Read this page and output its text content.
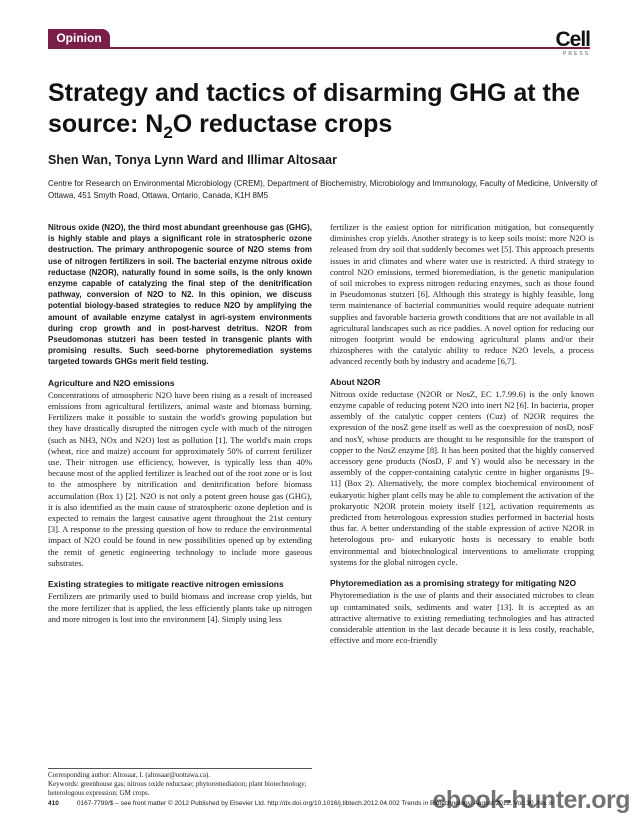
Opinion	Cell
PRESS
Strategy and tactics of disarming GHG at the source: $N_2O$ reductase crops
Shen Wan, Tonya Lynn Ward and Illimar Altosaar
Centre for Research on Environmental Microbiology (CREM), Department of Biochemistry, Microbiology and Immunology, Faculty of Medicine, University of Ottawa, 451 Smyth Road, Ottawa, Ontario, Canada, K1H 8M5

Nitrous oxide (N2O), the third most abundant greenhouse gas (GHG), is highly stable and plays a significant role in stratospheric ozone destruction. The primary anthropogenic source of N2O stems from use of nitrogen fertilizers in soil. The bacterial enzyme nitrous oxide reductase (N2OR), naturally found in some soils, is the only known enzyme capable of catalyzing the final step of the denitrification pathway, conversion of N2O to N2. In this opinion, we discuss potential biology-based strategies to reduce N2O by amplifying the amount of available enzyme catalyst in agri-system environments during crop growth and in post-harvest detritus. N2OR from Pseudomonas stutzeri has been tested in transgenic plants with promising results. Such seed-borne phytoremediation systems targeted towards GHGs merit field testing.

Agriculture and N2O emissions

Concentrations of atmospheric N2O have been rising as a result of increased emissions from agricultural fertilizers, animal waste and biomass burning. Fertilizers make it possible to sustain the world's growing population but they have drastically disrupted the nitrogen cycle with much of the nitrogen (such as NH3, NOx and N2O) lost as pollution [1]. The world's main crops (wheat, rice and maize) account for approximately 50% of current fertilizer use. Their nitrogen use efficiency, however, is typically less than 40% because most of the applied fertilizer is leached out of the root zone or is lost to the atmosphere by nitrification and denitrification before biomass accumulation (Box 1) [2]. N2O is not only a potent green house gas (GHG), it is also identified as the main cause of stratospheric ozone depletion and is expected to remain the largest causative agent throughout the 21st century [3]. A response to the pressing question of how to reduce the environmental impact of N2O could be found in new possibilities opened up by extending the remit of genetic engineering technology to include more gaseous substrates.

Existing strategies to mitigate reactive nitrogen emissions

Fertilizers are primarily used to build biomass and increase crop yields, but the more fertilizer that is applied, the less efficiently plants take up nitrogen and more nitrogen is lost into the environment [4]. Simply using less

fertilizer is the easiest option for nitrification mitigation, but consequently diminishes crop yields. Another strategy is to keep soils moist: more N2O is released from dry soil that suddenly becomes wet [5]. This approach presents issues in arid climates and where water use is restricted. A third strategy to control N2O emissions, termed bioremediation, is the genetic manipulation of soil microbes to express nitrogen reducing enzymes, such as those found in Pseudomonas stutzeri [6]. Although this strategy is highly feasible, long term maintenance of bacterial communities would require adequate nutrient supplies and favorable bacteria growth conditions that are not available in all agricultural landscapes such as rice paddies. A novel option for reducing our nitrogen footprint would be endowing agricultural plants and/or their rhizospheres with the catalytic ability to reduce N2O levels, a process advanced recently both by industry and academe [6,7].

About N2OR

Nitrous oxide reductase (N2OR or NosZ, EC 1.7.99.6) is the only known enzyme capable of reducing potent N2O into inert N2 [6]. In bacteria, proper assembly of the catalytic copper centers (Cuz) of N2OR requires the expression of the nosZ gene itself as well as the coexpression of nosD, nosF and nosY, whose products are thought to be responsible for the transport of copper to the NosZ enzyme [8]. It has been posited that the highly conserved accessory gene products (NosD, F and Y) would also be necessary in the assembly of the copper-containing catalytic centre in higher organisms [9–11] (Box 2). Alternatively, the more complex biochemical environment of eukaryotic higher plant cells may be able to complement the activation of the prokaryotic N2OR protein moiety itself [12], activation requirements as predicted from heterologous expression studies performed in bacterial hosts thus far. A better understanding of the stable expression of active N2OR in heterologous pro- and eukaryotic hosts is necessary to enable both environmental and biotechnological interventions to ameliorate cropping systems for the global nitrogen cycle.

Phytoremediation as a promising strategy for mitigating N2O

Phytoremediation is the use of plants and their associated microbes to clean up contaminated soils, sediments and water [13]. It is accepted as an attractive alternative to existing remediating technologies and has attracted considerable attention in the last decade because it is less costly, reachable, effective and more eco-friendly

Corresponding author: Altosaar, I. (altosaar@uottawa.ca).
Keywords: greenhouse gas; nitrous oxide reductase; phytoremediation; plant biotechnology; heterologous expression; GM crops.
410	0167-7799/$ – see front matter © 2012 Published by Elsevier Ltd. http://dx.doi.org/10.1016/j.tibtech.2012.04.002 Trends in Biotechnology, August 2012, Vol. 30, No. 8
ebook-hunter.org
